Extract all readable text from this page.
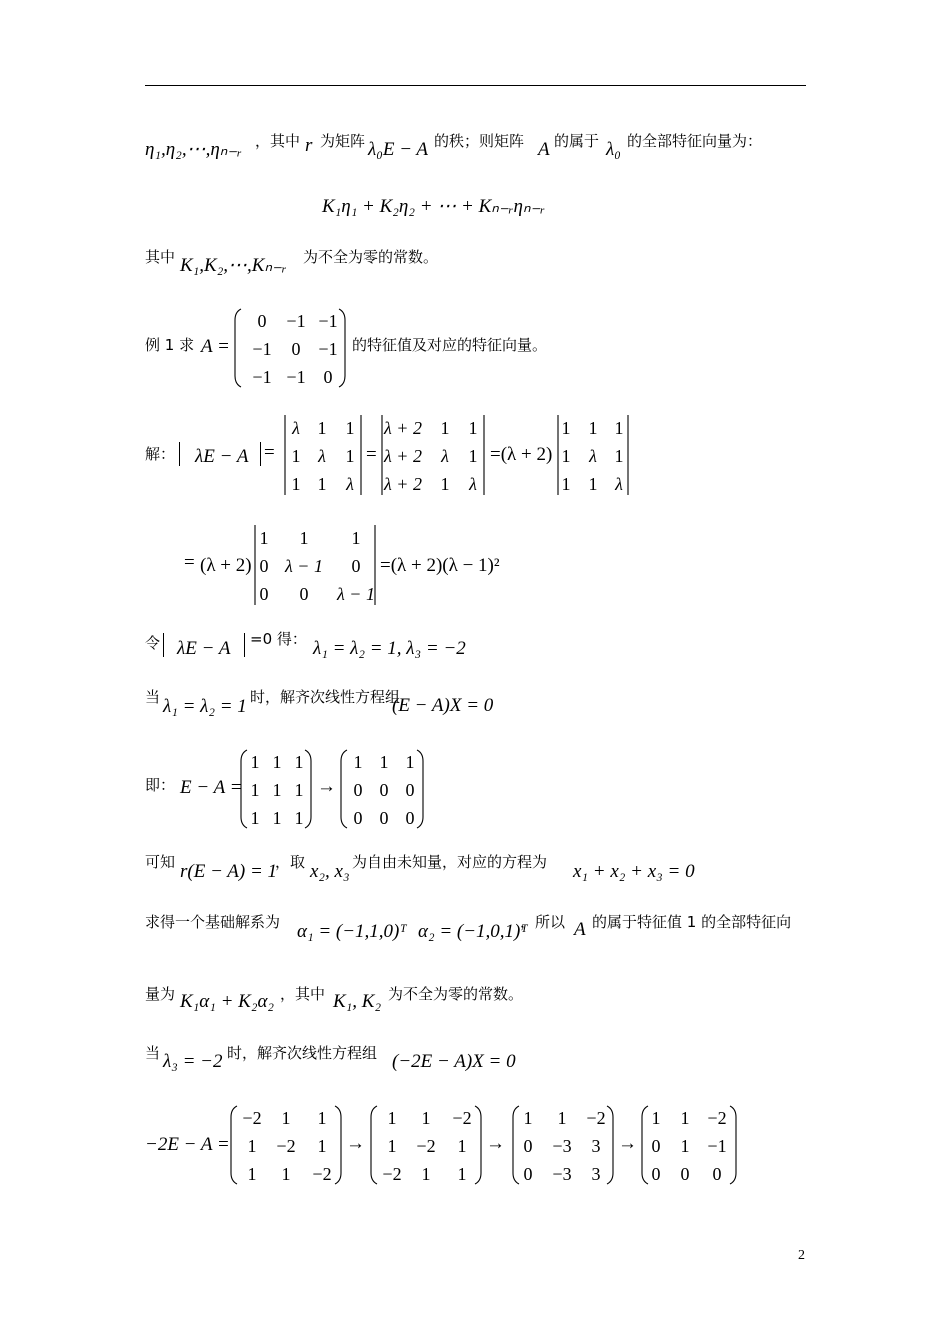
η₁,η₂,⋯,ηₙ₋ᵣ ，其中 r 为矩阵 λ₀E − A 的秩；则矩阵 A 的属于 λ₀ 的全部特征向量为：
K₁η₁ + K₂η₂ + ⋯ + Kₙ₋ᵣηₙ₋ᵣ
其中 K₁,K₂,⋯,Kₙ₋ᵣ 为不全为零的常数。
例 1 求 A =
0	−1 −1
−1	0 −1
−1 −1 0
的特征值及对应的特征向量。
解： λE − A =
λ 1	1
1 λ	1
1 1	λ
=
λ + 2	1	1
λ + 2	λ	1
λ + 2	1	λ
=(λ + 2)
1	1 1
1	λ 1
1	1 λ
= (λ + 2)
1	1	1
0 λ − 1	0
0	0	λ − 1
=(λ + 2)(λ − 1)²
令 λE − A =0 得： λ₁ = λ₂ = 1, λ₃ = −2
当 λ₁ = λ₂ = 1 时，解齐次线性方程组
(E − A)X = 0
即： E − A =
1 1 1
1 1 1
1 1 1
→
1 1 1
0 0 0
0 0 0
可知 r(E − A) = 1
，取 x₂, x₃ 为自由未知量，对应的方程为 x₁ + x₂ + x₃ = 0
求得一个基础解系为 α₁ = (−1,1,0)ᵀ α₂ = (−1,0,1)ᵀ
，所以 A 的属于特征值 1 的全部特征向
量为 K₁α₁ + K₂α₂ ，其中 K₁, K₂ 为不全为零的常数。
当 λ₃ = −2 时，解齐次线性方程组 (−2E − A)X = 0
−2E − A =
−2	1	1
1	−2	1
1	1	−2
→
1	1	−2
1	−2	1
−2	1	1
→
1	1	−2
0	−3	3
0	−3	3
→
1	1 −2
0	1 −1
0	0	0
2
